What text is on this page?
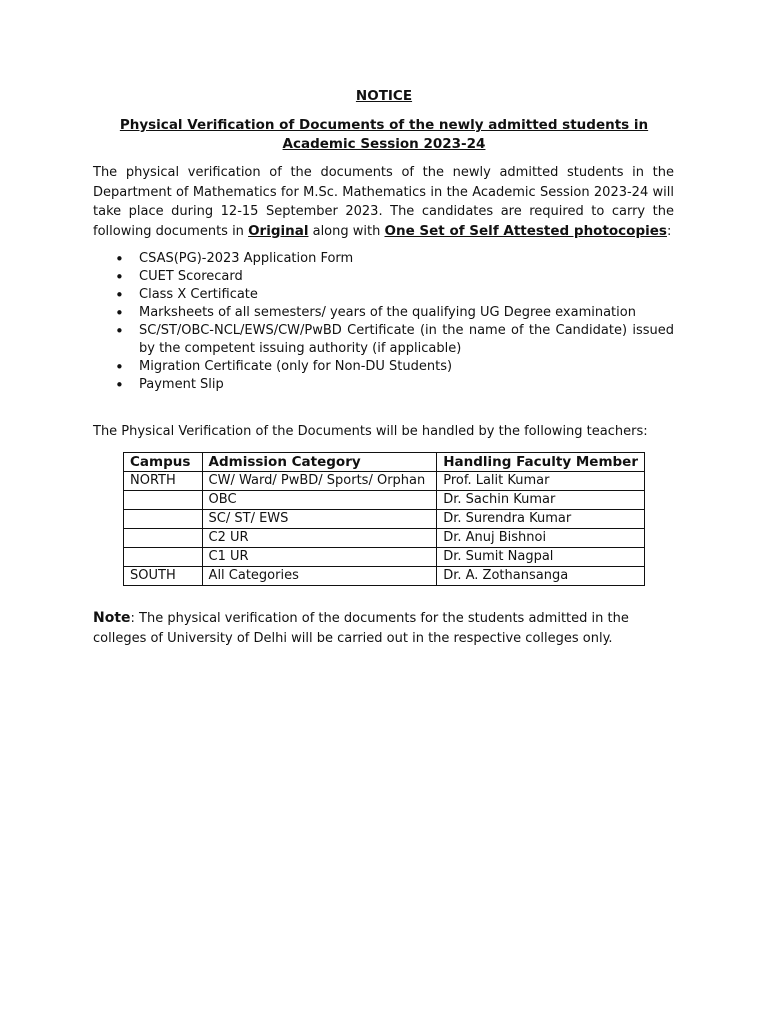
NOTICE
Physical Verification of Documents of the newly admitted students in Academic Session 2023-24

The physical verification of the documents of the newly admitted students in the Department of Mathematics for M.Sc. Mathematics in the Academic Session 2023-24 will take place during 12-15 September 2023. The candidates are required to carry the following documents in Original along with One Set of Self Attested photocopies:

• CSAS(PG)-2023 Application Form
• CUET Scorecard
• Class X Certificate
• Marksheets of all semesters/ years of the qualifying UG Degree examination
• SC/ST/OBC-NCL/EWS/CW/PwBD Certificate (in the name of the Candidate) issued by the competent issuing authority (if applicable)
• Migration Certificate (only for Non-DU Students)
• Payment Slip

The Physical Verification of the Documents will be handled by the following teachers:

Campus	Admission Category	Handling Faculty Member
NORTH	CW/ Ward/ PwBD/ Sports/ Orphan	Prof. Lalit Kumar
	OBC	Dr. Sachin Kumar
	SC/ ST/ EWS	Dr. Surendra Kumar
	C2 UR	Dr. Anuj Bishnoi
	C1 UR	Dr. Sumit Nagpal
SOUTH	All Categories	Dr. A. Zothansanga

Note: The physical verification of the documents for the students admitted in the colleges of University of Delhi will be carried out in the respective colleges only.
